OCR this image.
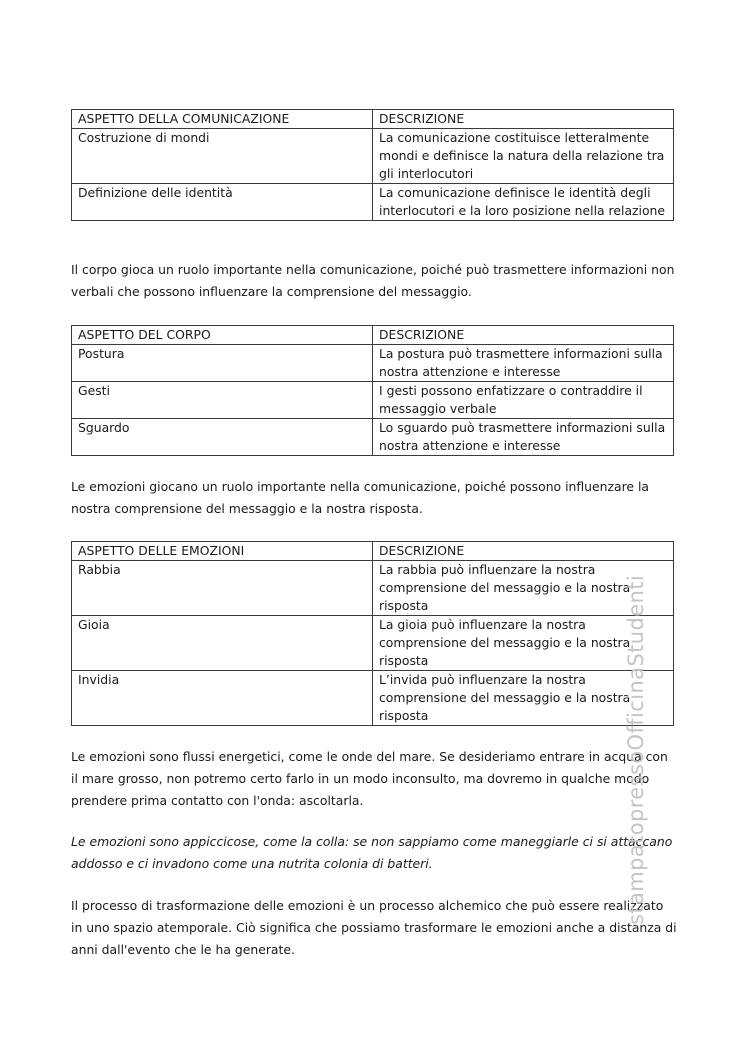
ASPETTO DELLA COMUNICAZIONE	DESCRIZIONE
Costruzione di mondi	La comunicazione costituisce letteralmente mondi e definisce la natura della relazione tra gli interlocutori
Definizione delle identità	La comunicazione definisce le identità degli interlocutori e la loro posizione nella relazione

Il corpo gioca un ruolo importante nella comunicazione, poiché può trasmettere informazioni non verbali che possono influenzare la comprensione del messaggio.

ASPETTO DEL CORPO	DESCRIZIONE
Postura	La postura può trasmettere informazioni sulla nostra attenzione e interesse
Gesti	I gesti possono enfatizzare o contraddire il messaggio verbale
Sguardo	Lo sguardo può trasmettere informazioni sulla nostra attenzione e interesse

Le emozioni giocano un ruolo importante nella comunicazione, poiché possono influenzare la nostra comprensione del messaggio e la nostra risposta.

ASPETTO DELLE EMOZIONI	DESCRIZIONE
Rabbia	La rabbia può influenzare la nostra comprensione del messaggio e la nostra risposta
Gioia	La gioia può influenzare la nostra comprensione del messaggio e la nostra risposta
Invidia	L’invida può influenzare la nostra comprensione del messaggio e la nostra risposta

Le emozioni sono flussi energetici, come le onde del mare. Se desideriamo entrare in acqua con il mare grosso, non potremo certo farlo in un modo inconsulto, ma dovremo in qualche modo prendere prima contatto con l'onda: ascoltarla.

Le emozioni sono appiccicose, come la colla: se non sappiamo come maneggiarle ci si attaccano addosso e ci invadono come una nutrita colonia di batteri.

Il processo di trasformazione delle emozioni è un processo alchemico che può essere realizzato in uno spazio atemporale. Ciò significa che possiamo trasformare le emozioni anche a distanza di anni dall'evento che le ha generate.

stampatopressoOfficinaStudenti
